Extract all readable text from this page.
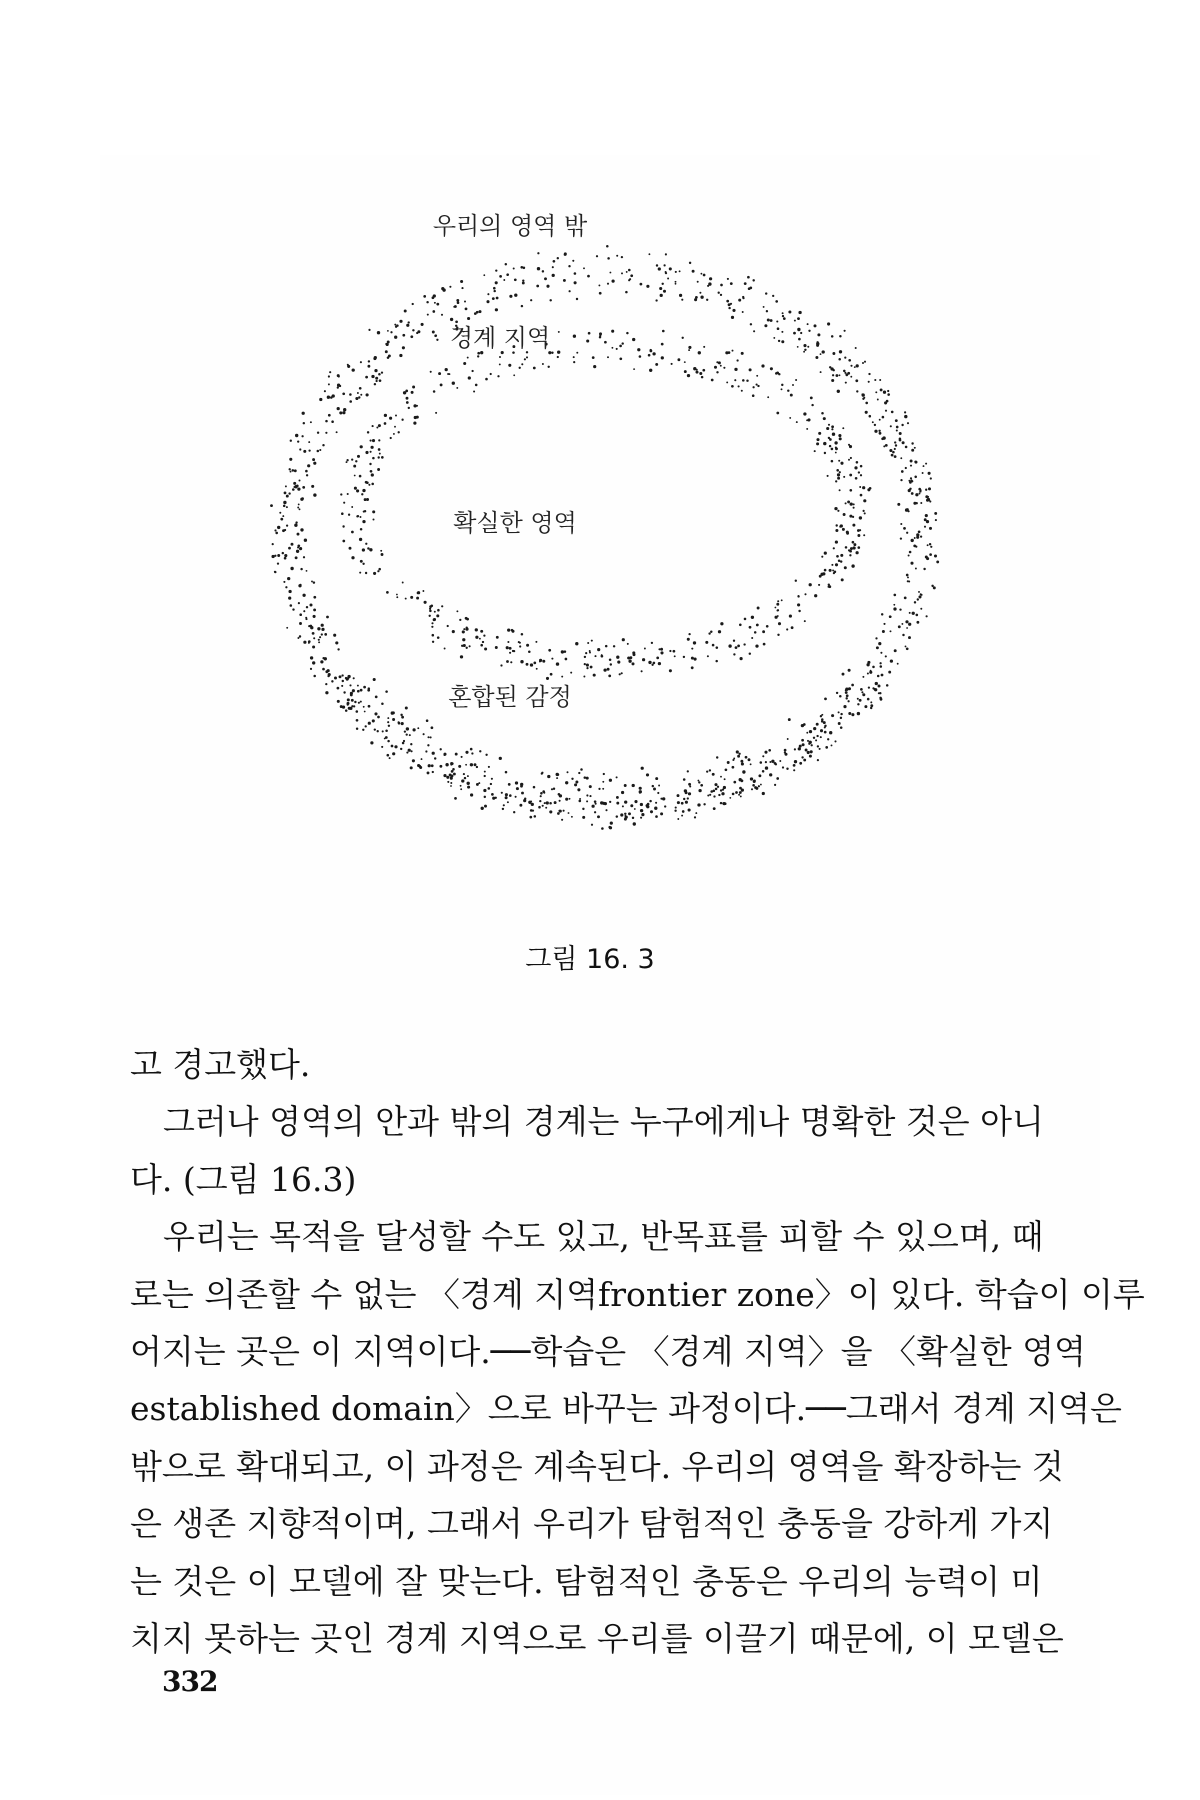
우리의 영역 밖
경계 지역
확실한 영역
혼합된 감정
그림 16. 3
고 경고했다.
그러나 영역의 안과 밖의 경계는 누구에게나 명확한 것은 아니
다. (그림 16.3)
우리는 목적을 달성할 수도 있고, 반목표를 피할 수 있으며, 때
로는 의존할 수 없는 〈경계 지역frontier zone〉이 있다. 학습이 이루
어지는 곳은 이 지역이다.──학습은 〈경계 지역〉을 〈확실한 영역
established domain〉으로 바꾸는 과정이다.──그래서 경계 지역은
밖으로 확대되고, 이 과정은 계속된다. 우리의 영역을 확장하는 것
은 생존 지향적이며, 그래서 우리가 탐험적인 충동을 강하게 가지
는 것은 이 모델에 잘 맞는다. 탐험적인 충동은 우리의 능력이 미
치지 못하는 곳인 경계 지역으로 우리를 이끌기 때문에, 이 모델은
332
